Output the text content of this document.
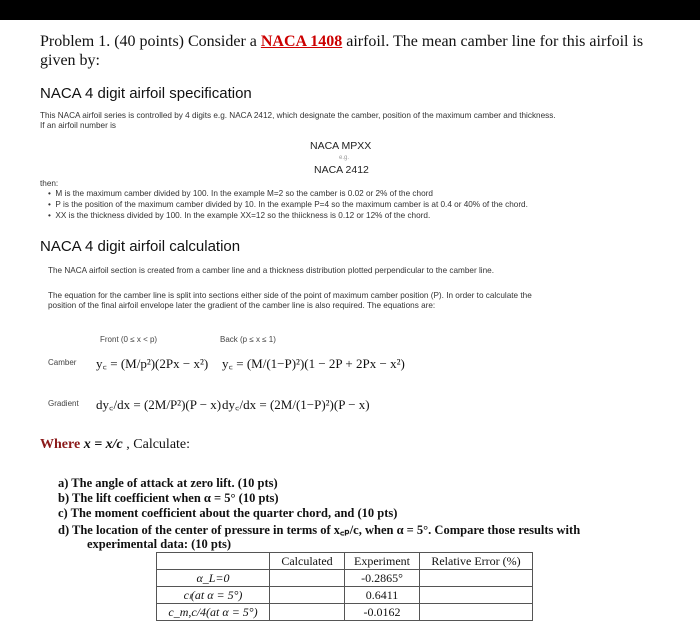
Problem 1. (40 points) Consider a NACA 1408 airfoil. The mean camber line for this airfoil is
given by:
NACA 4 digit airfoil specification
This NACA airfoil series is controlled by 4 digits e.g. NACA 2412, which designate the camber, position of the maximum camber and thickness.
If an airfoil number is
NACA MPXX
e.g.
NACA 2412
then:
•  M is the maximum camber divided by 100. In the example M=2 so the camber is 0.02 or 2% of the chord
•  P is the position of the maximum camber divided by 10. In the example P=4 so the maximum camber is at 0.4 or 40% of the chord.
•  XX is the thickness divided by 100. In the example XX=12 so the thiickness is 0.12 or 12% of the chord.
NACA 4 digit airfoil calculation
The NACA airfoil section is created from a camber line and a thickness distribution plotted perpendicular to the camber line.
The equation for the camber line is split into sections either side of the point of maximum camber position (P). In order to calculate the
position of the final airfoil envelope later the gradient of the camber line is also required. The equations are:
Front (0 ≤ x < p)	Back (p ≤ x ≤ 1)
Camber y꜀ = (M/p²)(2Px − x²) y꜀ = (M/(1−P)²)(1 − 2P + 2Px − x²)
Gradient dy꜀/dx = (2M/P²)(P − x) dy꜀/dx = (2M/(1−P)²)(P − x)
Where x = x/c , Calculate:
a) The angle of attack at zero lift. (10 pts)
b) The lift coefficient when α = 5° (10 pts)
c) The moment coefficient about the quarter chord, and (10 pts)
d) The location of the center of pressure in terms of x꜀ₚ/c, when α = 5°. Compare those results with
experimental data: (10 pts)
	Calculated	Experiment	Relative Error (%)
α_L=0		-0.2865°	
cₗ(at α = 5°)		0.6411	
c_m,c/4(at α = 5°)		-0.0162	
